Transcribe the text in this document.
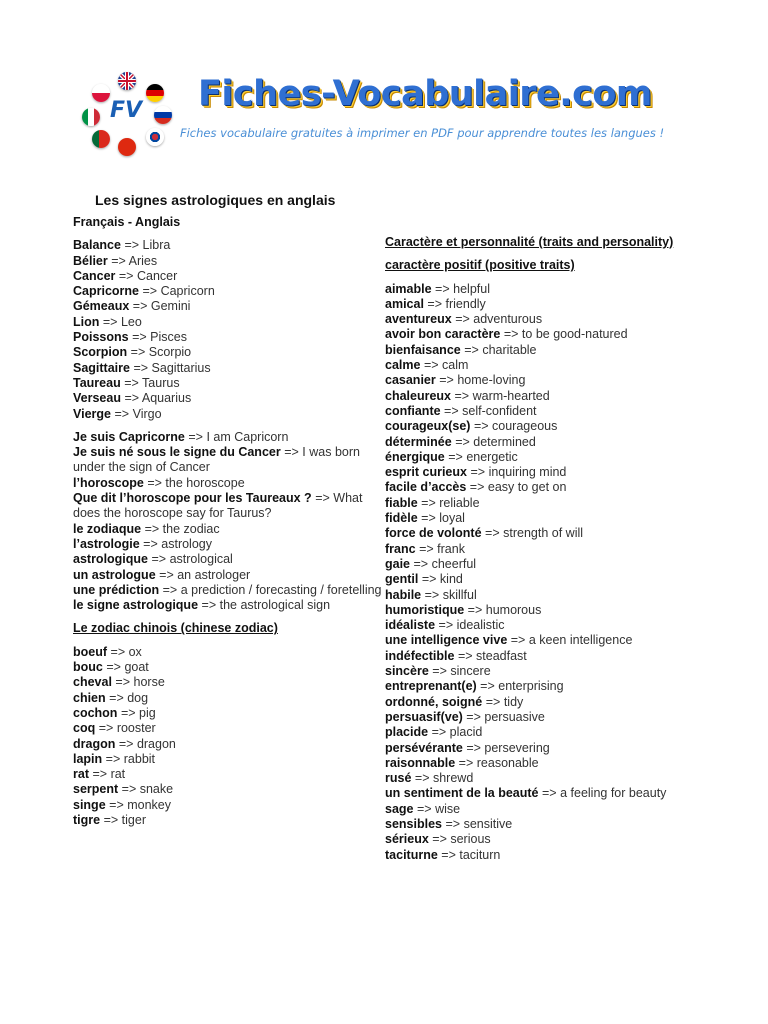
FV Fiches-Vocabulaire.com
Fiches vocabulaire gratuites à imprimer en PDF pour apprendre toutes les langues !
Les signes astrologiques en anglais

Français - Anglais

Balance => Libra

Bélier => Aries

Cancer => Cancer

Capricorne => Capricorn

Gémeaux => Gemini

Lion => Leo

Poissons => Pisces

Scorpion => Scorpio

Sagittaire => Sagittarius

Taureau => Taurus

Verseau => Aquarius

Vierge => Virgo

Je suis Capricorne => I am Capricorn

Je suis né sous le signe du Cancer => I was born under the sign of Cancer

l’horoscope => the horoscope

Que dit l’horoscope pour les Taureaux ? => What does the horoscope say for Taurus?

le zodiaque => the zodiac

l’astrologie => astrology

astrologique => astrological

un astrologue => an astrologer

une prédiction => a prediction / forecasting / foretelling

le signe astrologique => the astrological sign

Le zodiac chinois (chinese zodiac)

boeuf => ox

bouc => goat

cheval => horse

chien => dog

cochon => pig

coq => rooster

dragon => dragon

lapin => rabbit

rat => rat

serpent => snake

singe => monkey

tigre => tiger

Caractère et personnalité (traits and personality)

caractère positif (positive traits)

aimable => helpful

amical => friendly

aventureux => adventurous

avoir bon caractère => to be good-natured

bienfaisance => charitable

calme => calm

casanier => home-loving

chaleureux => warm-hearted

confiante => self-confident

courageux(se) => courageous

déterminée => determined

énergique => energetic

esprit curieux => inquiring mind

facile d’accès => easy to get on

fiable => reliable

fidèle => loyal

force de volonté => strength of will

franc => frank

gaie => cheerful

gentil => kind

habile => skillful

humoristique => humorous

idéaliste => idealistic

une intelligence vive => a keen intelligence

indéfectible => steadfast

sincère => sincere

entreprenant(e) => enterprising

ordonné, soigné => tidy

persuasif(ve) => persuasive

placide => placid

persévérante => persevering

raisonnable => reasonable

rusé => shrewd

un sentiment de la beauté => a feeling for beauty

sage => wise

sensibles => sensitive

sérieux => serious

taciturne => taciturn
